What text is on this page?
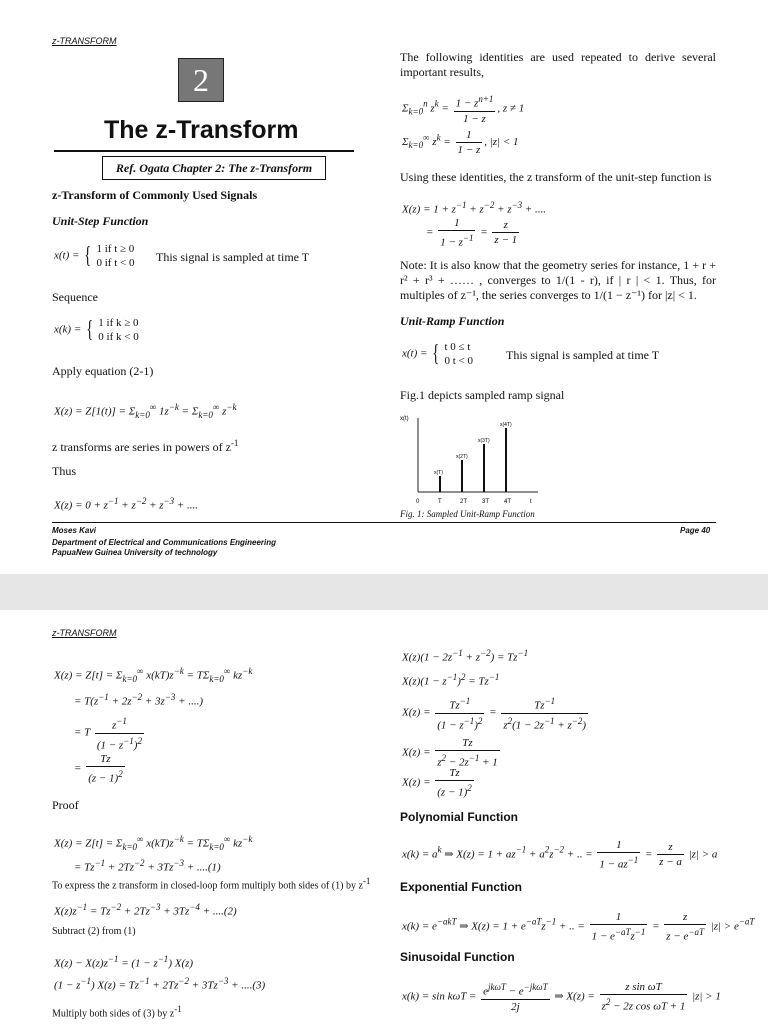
z-TRANSFORM
2
The z-Transform
Ref. Ogata Chapter 2: The z-Transform
z-Transform of Commonly Used Signals
Unit-Step Function
x(t) = { 1 if t ≥ 0
0 if t < 0 This signal is sampled at time T
Sequence
x(k) = { 1 if k ≥ 0
0 if k < 0
Apply equation (2-1)
$X(z) = Z[1(t)] = \Sigma_{k=0}^\infty$ $1z^{-k} = \Sigma_{k=0}^\infty$ $z^{-k}$
z transforms are series in powers of $z^{-1}$
Thus
$X(z) = 0 + z^{-1} + z^{-2} + z^{-3}$ + ....
The following identities are used repeated to derive several important results,
$\Sigma_{k=0}^n$ $z^k = \frac{1 - z^{n+1}}{1 - z}$ , z ≠ 1
$\Sigma_{k=0}^\infty$ $z^k = \frac{1}{1 - z}$ , |z| < 1
Using these identities, the z transform of the unit-step function is
$X(z) = 1 + z^{-1} + z^{-2} + z^{-3}$ + ....
= $\frac{1}{1 - z^{-1}} = \frac{z}{z - 1}$
Note: It is also know that the geometry series for instance, 1 + r + r² + r³ + …… , converges to 1/(1 - r), if | r | < 1. Thus, for multiples of z⁻¹, the series converges to 1/(1 − z⁻¹) for |z| < 1.
Unit-Ramp Function
x(t) = { t 0 ≤ t
0 t < 0	This signal is sampled at time T
Fig.1 depicts sampled ramp signal
x(t)
t
0	T
x(T)
2T
x(2T)
3T
x(3T)
4T
x(4T)
Fig. 1: Sampled Unit-Ramp Function
Moses Kavi
Department of Electrical and Communications Engineering
PapuaNew Guinea University of technology
Page 40
z-TRANSFORM
$X(z) = Z[t] = \Sigma_{k=0}^\infty$ $x(kT)z^{-k} = T\Sigma_{k=0}^\infty$ $kz^{-k}$
= $T(z^{-1} + 2z^{-2} + 3z^{-3}$ + ....)
= T $\frac{z^{-1}}{(1 - z^{-1})^2}$
= $\frac{Tz}{(z - 1)^2}$
Proof
$X(z) = Z[t] = \Sigma_{k=0}^\infty$ $x(kT)z^{-k} = T\Sigma_{k=0}^\infty$ $kz^{-k}$
= $Tz^{-1} + 2Tz^{-2} + 3Tz^{-3} + ....(1)$
To express the z transform in closed-loop form multiply both sides of (1) by $z^{-1}$
$X(z)z^{-1} = Tz^{-2} + 2Tz^{-3} + 3Tz^{-4} + ....(2)$
Subtract (2) from (1)
$X(z) - X(z)z^{-1} = (1 - z^{-1})$ X(z)
$(1 - z^{-1})$ $X(z) = Tz^{-1} + 2Tz^{-2} + 3Tz^{-3} + ....(3)$
Multiply both sides of (3) by $z^{-1}$
$X(z)(1 - 2z^{-1} + z^{-2}) = Tz^{-1}$
$X(z)(1 - z^{-1})^2 = Tz^{-1}$
$X(z) = \frac{Tz^{-1}}{(1 - z^{-1})^2} = \frac{Tz^{-1}}{z^2(1 - 2z^{-1} + z^{-2})}$
$X(z) = \frac{Tz}{z^2 - 2z^{-1} + 1}$
$X(z) = \frac{Tz}{(z - 1)^2}$
Polynomial Function
$x(k) = a^k$ ⇒ $X(z) = 1 + az^{-1} + a^2z^{-2}$ + .. = $\frac{1}{1 - az^{-1}} = \frac{z}{z - a} |z| > a$
Exponential Function
$x(k) = e^{-akT}$ ⇒ $X(z) = 1 + e^{-aT}z^{-1}$ + .. = $\frac{1}{1 - e^{-aT}z^{-1}} = \frac{z}{z - e^{-aT}} |z| > e^{-aT}$
Sinusoidal Function
$x(k) = \sin k\omega T = \frac{e^{jk\omega T} - e^{-jk\omega T}}{2j}$ ⇒ $X(z) = \frac{\text{z sin ωT}}{z^2 - 2z \cos \omega T + 1} |z| > 1$
